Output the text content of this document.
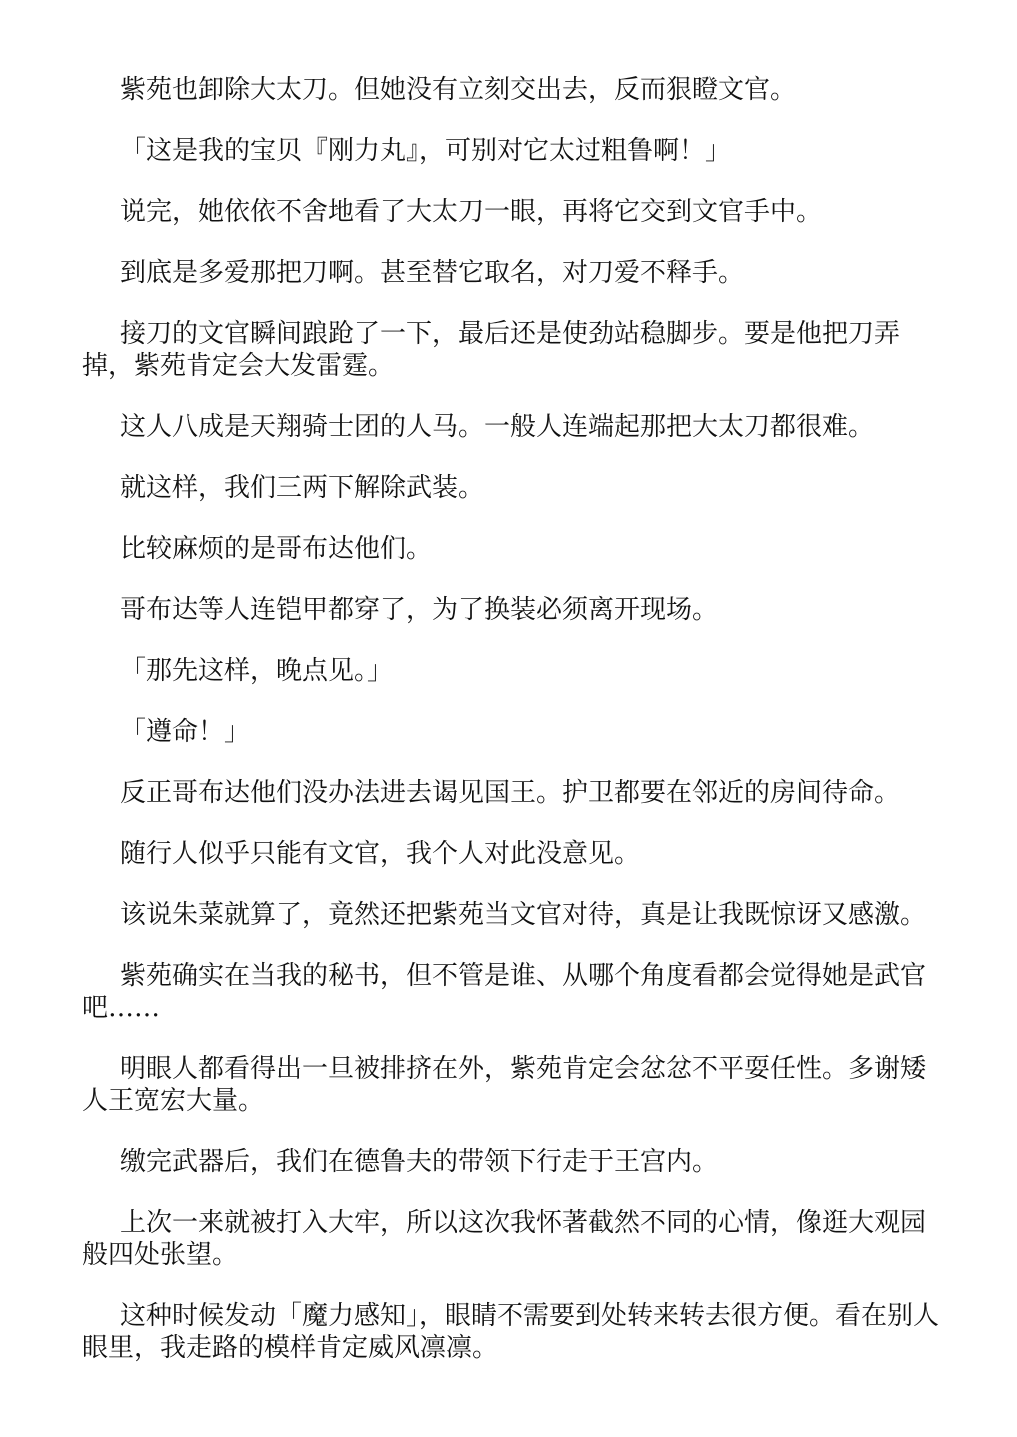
紫苑也卸除大太刀。但她没有立刻交出去，反而狠瞪文官。

「这是我的宝贝『刚力丸』，可别对它太过粗鲁啊！」

说完，她依依不舍地看了大太刀一眼，再将它交到文官手中。

到底是多爱那把刀啊。甚至替它取名，对刀爱不释手。

接刀的文官瞬间踉跄了一下，最后还是使劲站稳脚步。要是他把刀弄掉，紫苑肯定会大发雷霆。

这人八成是天翔骑士团的人马。一般人连端起那把大太刀都很难。

就这样，我们三两下解除武装。

比较麻烦的是哥布达他们。

哥布达等人连铠甲都穿了，为了换装必须离开现场。

「那先这样，晚点见。」

「遵命！」

反正哥布达他们没办法进去谒见国王。护卫都要在邻近的房间待命。

随行人似乎只能有文官，我个人对此没意见。

该说朱菜就算了，竟然还把紫苑当文官对待，真是让我既惊讶又感激。

紫苑确实在当我的秘书，但不管是谁、从哪个角度看都会觉得她是武官吧……

明眼人都看得出一旦被排挤在外，紫苑肯定会忿忿不平耍任性。多谢矮人王宽宏大量。

缴完武器后，我们在德鲁夫的带领下行走于王宫内。

上次一来就被打入大牢，所以这次我怀著截然不同的心情，像逛大观园般四处张望。

这种时候发动「魔力感知」，眼睛不需要到处转来转去很方便。看在别人眼里，我走路的模样肯定威风凛凛。
